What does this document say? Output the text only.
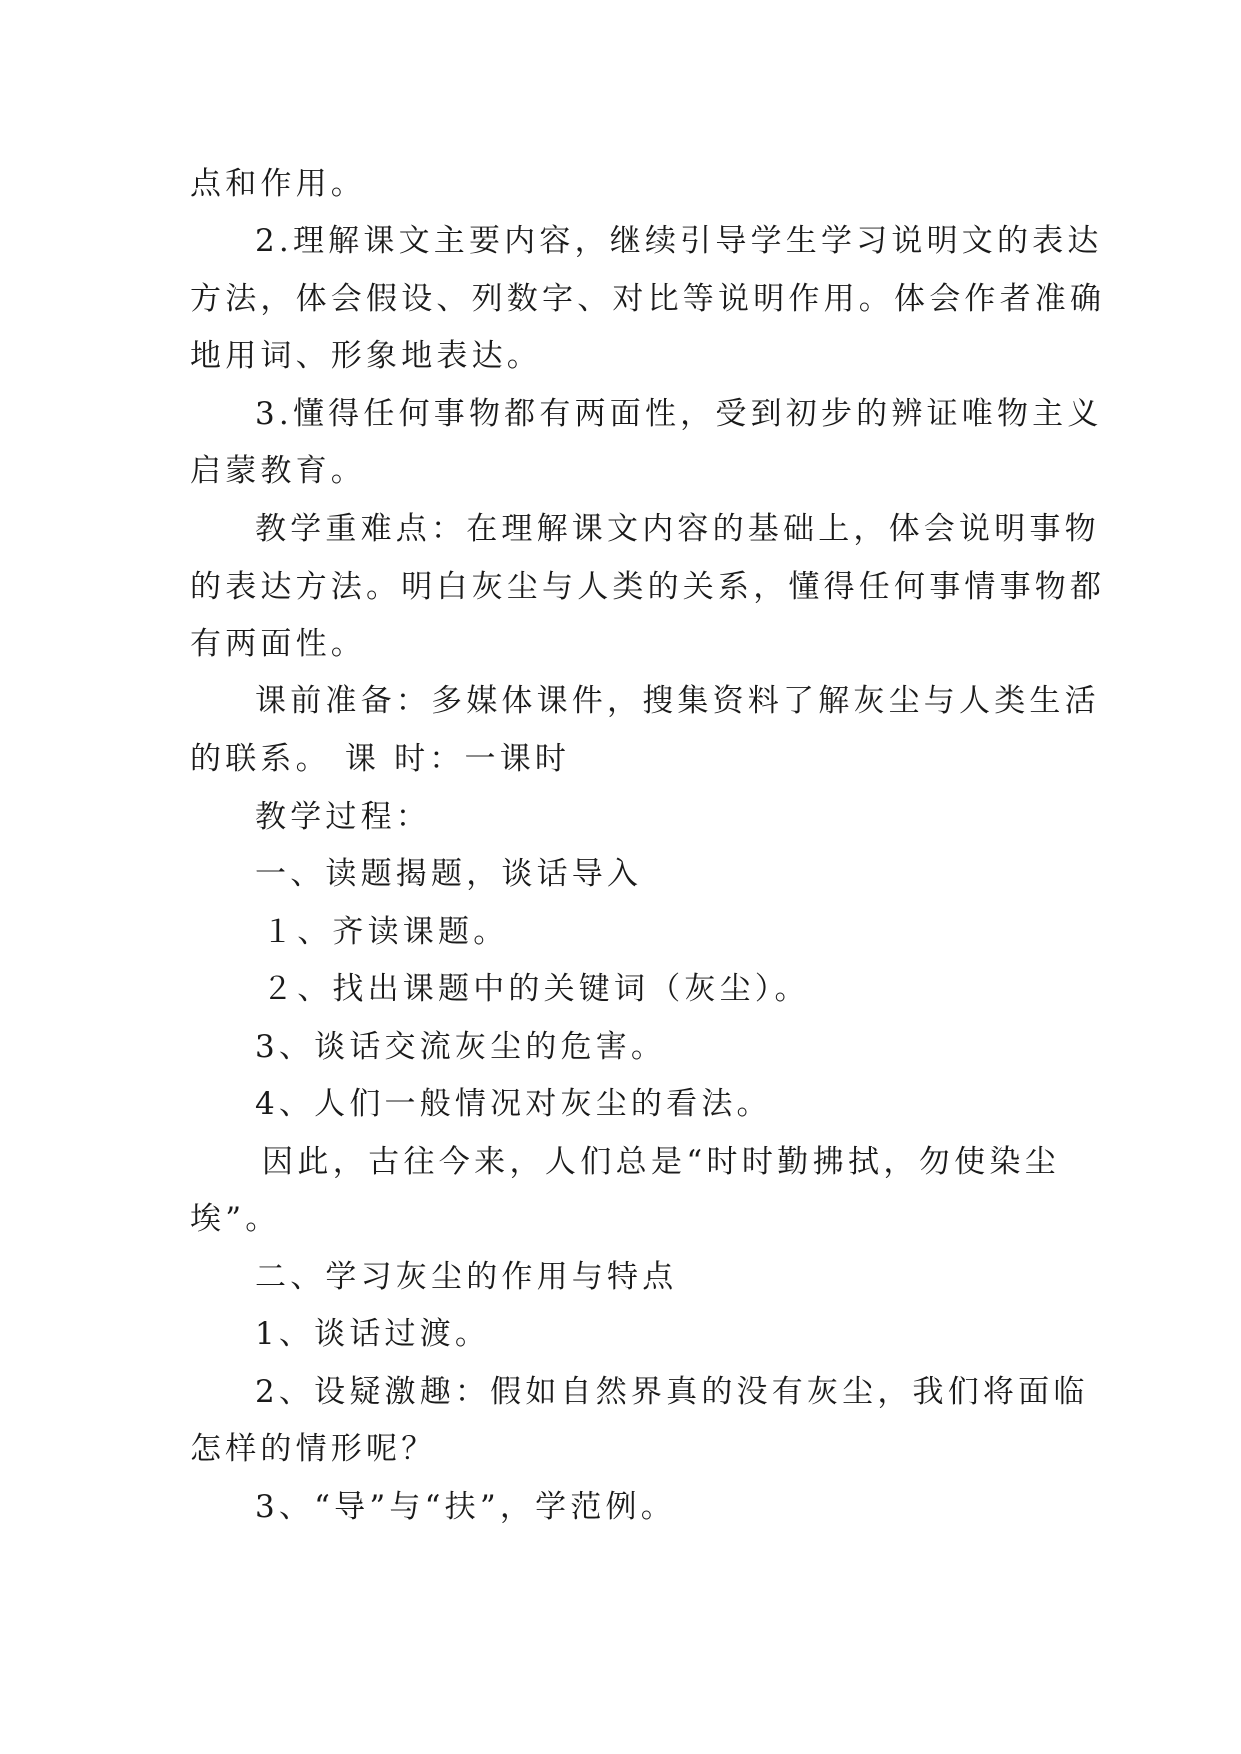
点和作用。
2.理解课文主要内容，继续引导学生学习说明文的表达
方法，体会假设、列数字、对比等说明作用。体会作者准确
地用词、形象地表达。
3.懂得任何事物都有两面性，受到初步的辨证唯物主义
启蒙教育。
教学重难点：在理解课文内容的基础上，体会说明事物
的表达方法。明白灰尘与人类的关系，懂得任何事情事物都
有两面性。
课前准备：多媒体课件，搜集资料了解灰尘与人类生活
的联系。 课 时：一课时
教学过程：
一、读题揭题，谈话导入
１、齐读课题。
２、找出课题中的关键词（灰尘）。
3、谈话交流灰尘的危害。
4、人们一般情况对灰尘的看法。
因此，古往今来，人们总是“时时勤拂拭，勿使染尘
埃”。
二、学习灰尘的作用与特点
1、谈话过渡。
2、设疑激趣：假如自然界真的没有灰尘，我们将面临
怎样的情形呢？
3、“导”与“扶”，学范例。
